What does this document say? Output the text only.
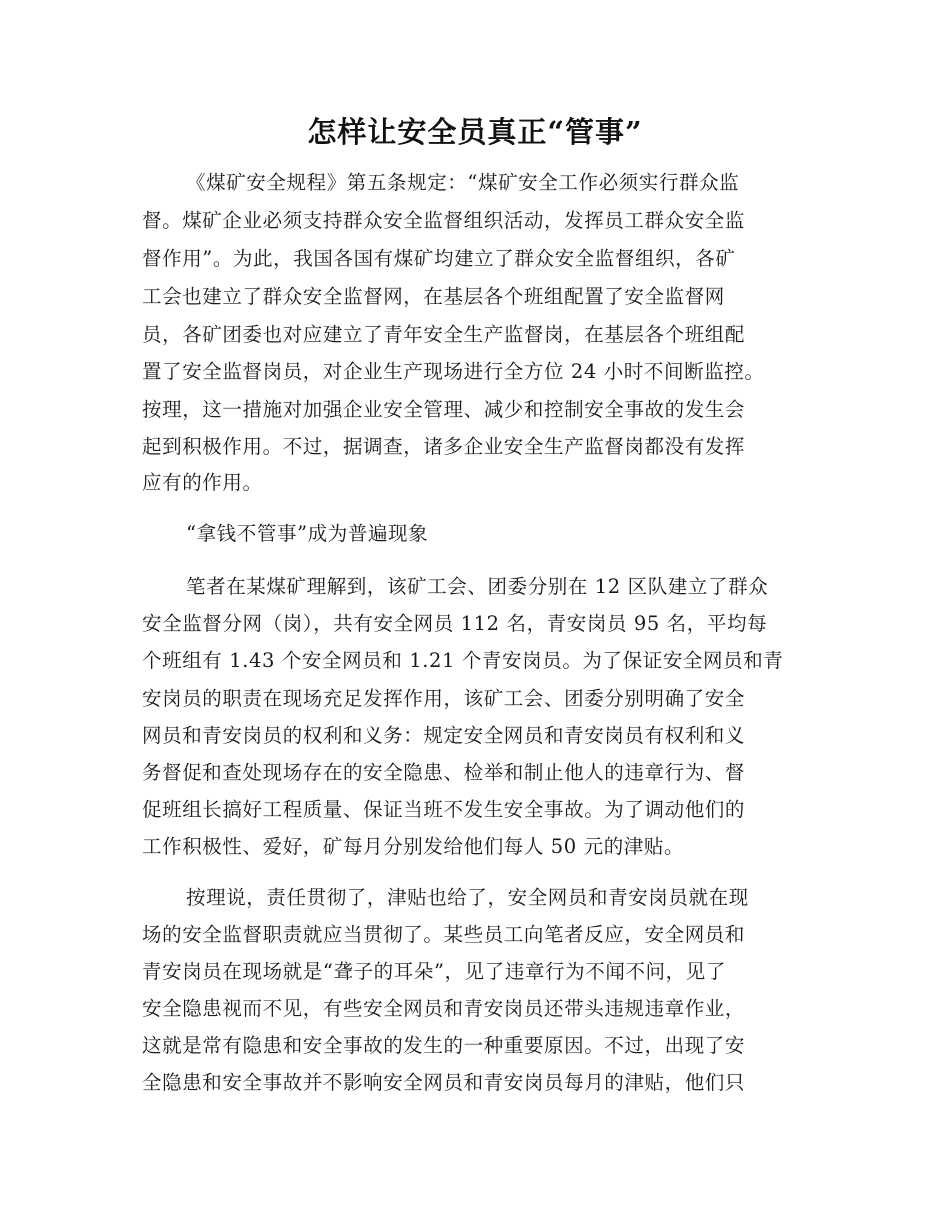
怎样让安全员真正“管事”
《煤矿安全规程》第五条规定：“煤矿安全工作必须实行群众监
督。煤矿企业必须支持群众安全监督组织活动，发挥员工群众安全监
督作用”。为此，我国各国有煤矿均建立了群众安全监督组织，各矿
工会也建立了群众安全监督网，在基层各个班组配置了安全监督网
员，各矿团委也对应建立了青年安全生产监督岗，在基层各个班组配
置了安全监督岗员，对企业生产现场进行全方位 24 小时不间断监控。
按理，这一措施对加强企业安全管理、减少和控制安全事故的发生会
起到积极作用。不过，据调查，诸多企业安全生产监督岗都没有发挥
应有的作用。
“拿钱不管事”成为普遍现象
笔者在某煤矿理解到，该矿工会、团委分别在 12 区队建立了群众
安全监督分网（岗），共有安全网员 112 名，青安岗员 95 名，平均每
个班组有 1.43 个安全网员和 1.21 个青安岗员。为了保证安全网员和青
安岗员的职责在现场充足发挥作用，该矿工会、团委分别明确了安全
网员和青安岗员的权利和义务：规定安全网员和青安岗员有权利和义
务督促和查处现场存在的安全隐患、检举和制止他人的违章行为、督
促班组长搞好工程质量、保证当班不发生安全事故。为了调动他们的
工作积极性、爱好，矿每月分别发给他们每人 50 元的津贴。
按理说，责任贯彻了，津贴也给了，安全网员和青安岗员就在现
场的安全监督职责就应当贯彻了。某些员工向笔者反应，安全网员和
青安岗员在现场就是“聋子的耳朵”，见了违章行为不闻不问，见了
安全隐患视而不见，有些安全网员和青安岗员还带头违规违章作业，
这就是常有隐患和安全事故的发生的一种重要原因。不过，出现了安
全隐患和安全事故并不影响安全网员和青安岗员每月的津贴，他们只
